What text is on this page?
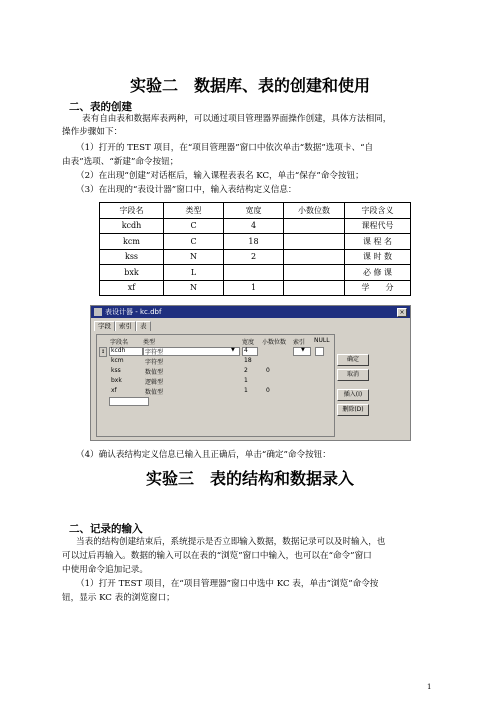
实验二　数据库、表的创建和使用
二、表的创建
表有自由表和数据库表两种，可以通过项目管理器界面操作创建，具体方法相同，
操作步骤如下：
（1）打开的 TEST 项目，在“项目管理器”窗口中依次单击“数据”选项卡、“自
由表”选项、“新建”命令按钮；
（2）在出现“创建”对话框后，输入课程表表名 KC，单击“保存”命令按钮；
（3）在出现的“表设计器”窗口中，输入表结构定义信息：
字段名	类型	宽度	小数位数	字段含义
kcdh	C	4		课程代号
kcm	C	18		课 程 名
kss	N	2		课 时 数
bxk	L			必 修 课
xf	N	1		学　　分
表设计器 - kc.dbf	×
字段 索引 表
字段名 类型	宽度 小数位数 索引 NULL
↕ kcdh	字符型	▼ 4	▼
kcm	字符型	18
kss	数值型	2	0
bxk	逻辑型	1
xf	数值型	1	0
确定
取消
插入(I)
删除(D)
（4）确认表结构定义信息已输入且正确后，单击“确定”命令按钮：
实验三　表的结构和数据录入
二、记录的输入
当表的结构创建结束后，系统提示是否立即输入数据，数据记录可以及时输入，也
可以过后再输入。数据的输入可以在表的“浏览”窗口中输入，也可以在“命令”窗口
中使用命令追加记录。
（1）打开 TEST 项目，在“项目管理器”窗口中选中 KC 表，单击“浏览”命令按
钮，显示 KC 表的浏览窗口；
1
